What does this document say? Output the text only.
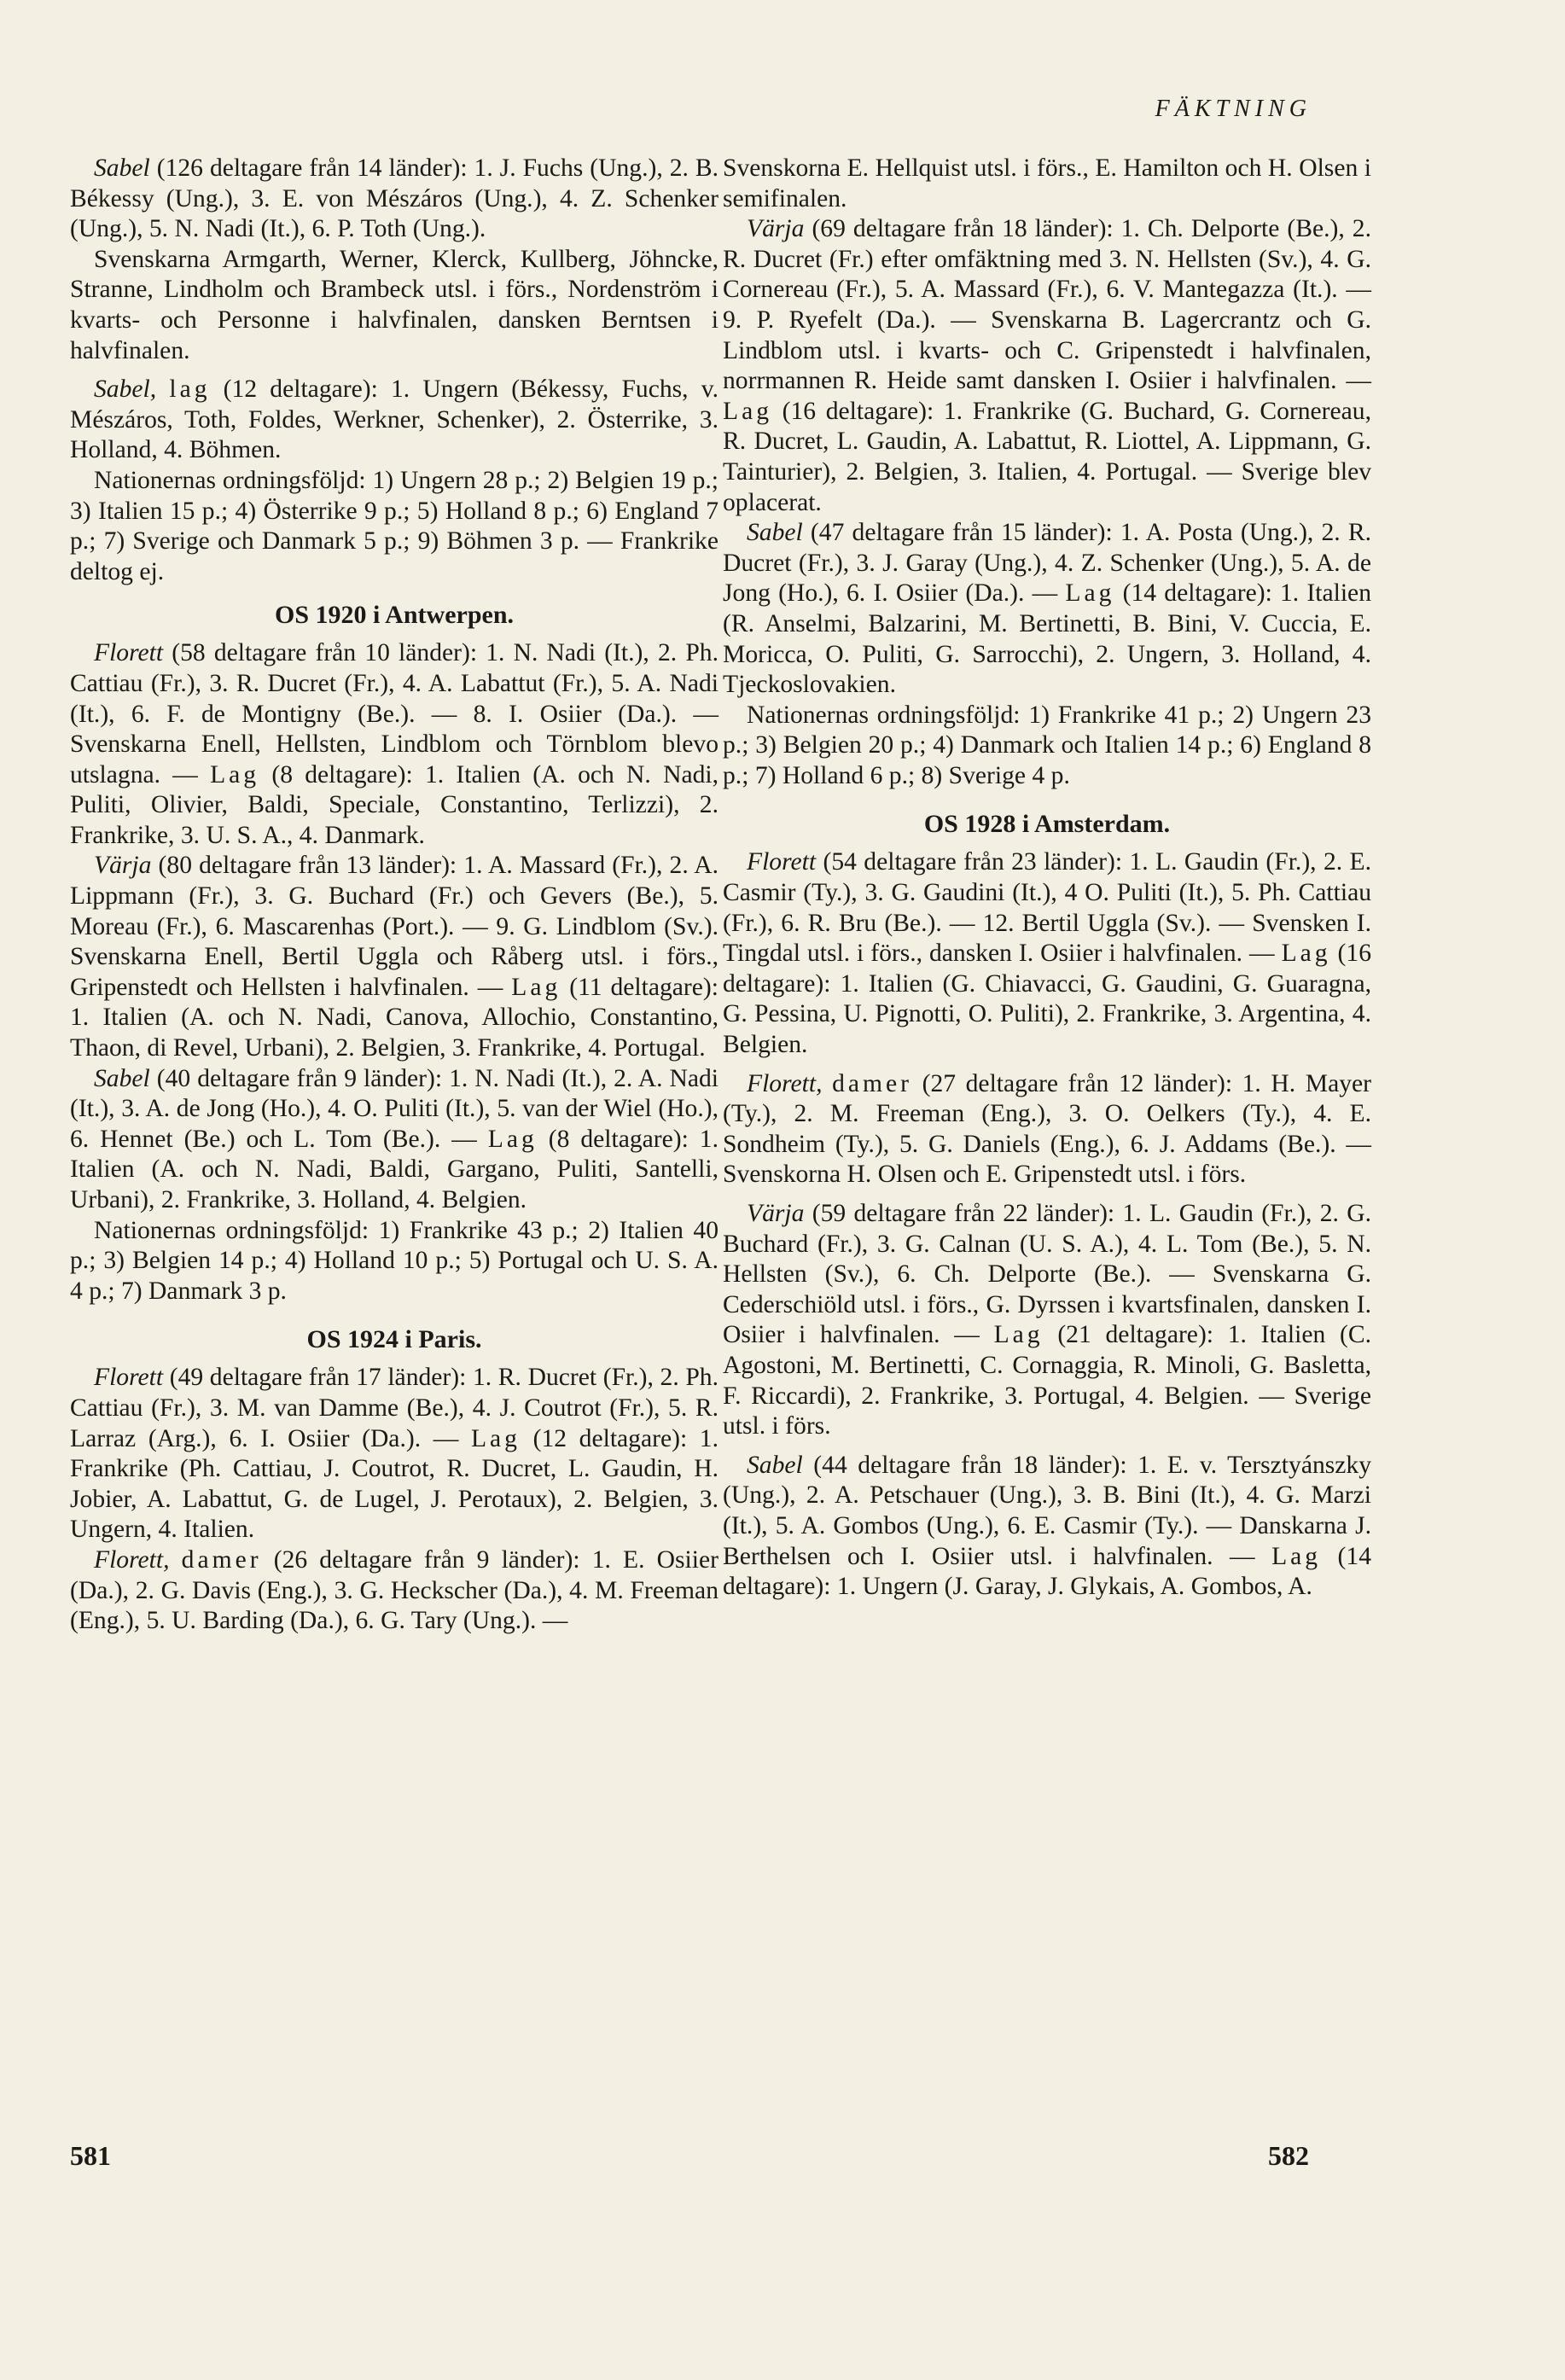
FÄKTNING

Sabel (126 deltagare från 14 länder): 1. J. Fuchs (Ung.), 2. B. Békessy (Ung.), 3. E. von Mészáros (Ung.), 4. Z. Schenker (Ung.), 5. N. Nadi (It.), 6. P. Toth (Ung.).

Svenskarna Armgarth, Werner, Klerck, Kullberg, Jöhncke, Stranne, Lindholm och Brambeck utsl. i förs., Nordenström i kvarts- och Personne i halvfinalen, dansken Berntsen i halvfinalen.

Sabel, lag (12 deltagare): 1. Ungern (Békessy, Fuchs, v. Mészáros, Toth, Foldes, Werkner, Schenker), 2. Österrike, 3. Holland, 4. Böhmen.

Nationernas ordningsföljd: 1) Ungern 28 p.; 2) Belgien 19 p.; 3) Italien 15 p.; 4) Österrike 9 p.; 5) Holland 8 p.; 6) England 7 p.; 7) Sverige och Danmark 5 p.; 9) Böhmen 3 p. — Frankrike deltog ej.

OS 1920 i Antwerpen.

Florett (58 deltagare från 10 länder): 1. N. Nadi (It.), 2. Ph. Cattiau (Fr.), 3. R. Ducret (Fr.), 4. A. Labattut (Fr.), 5. A. Nadi (It.), 6. F. de Montigny (Be.). — 8. I. Osiier (Da.). — Svenskarna Enell, Hellsten, Lindblom och Törnblom blevo utslagna. — Lag (8 deltagare): 1. Italien (A. och N. Nadi, Puliti, Olivier, Baldi, Speciale, Constantino, Terlizzi), 2. Frankrike, 3. U. S. A., 4. Danmark.

Värja (80 deltagare från 13 länder): 1. A. Massard (Fr.), 2. A. Lippmann (Fr.), 3. G. Buchard (Fr.) och Gevers (Be.), 5. Moreau (Fr.), 6. Mascarenhas (Port.). — 9. G. Lindblom (Sv.). Svenskarna Enell, Bertil Uggla och Råberg utsl. i förs., Gripenstedt och Hellsten i halvfinalen. — Lag (11 deltagare): 1. Italien (A. och N. Nadi, Canova, Allochio, Constantino, Thaon, di Revel, Urbani), 2. Belgien, 3. Frankrike, 4. Portugal.

Sabel (40 deltagare från 9 länder): 1. N. Nadi (It.), 2. A. Nadi (It.), 3. A. de Jong (Ho.), 4. O. Puliti (It.), 5. van der Wiel (Ho.), 6. Hennet (Be.) och L. Tom (Be.). — Lag (8 deltagare): 1. Italien (A. och N. Nadi, Baldi, Gargano, Puliti, Santelli, Urbani), 2. Frankrike, 3. Holland, 4. Belgien.

Nationernas ordningsföljd: 1) Frankrike 43 p.; 2) Italien 40 p.; 3) Belgien 14 p.; 4) Holland 10 p.; 5) Portugal och U. S. A. 4 p.; 7) Danmark 3 p.

OS 1924 i Paris.

Florett (49 deltagare från 17 länder): 1. R. Ducret (Fr.), 2. Ph. Cattiau (Fr.), 3. M. van Damme (Be.), 4. J. Coutrot (Fr.), 5. R. Larraz (Arg.), 6. I. Osiier (Da.). — Lag (12 deltagare): 1. Frankrike (Ph. Cattiau, J. Coutrot, R. Ducret, L. Gaudin, H. Jobier, A. Labattut, G. de Lugel, J. Perotaux), 2. Belgien, 3. Ungern, 4. Italien.

Florett, damer (26 deltagare från 9 länder): 1. E. Osiier (Da.), 2. G. Davis (Eng.), 3. G. Heckscher (Da.), 4. M. Freeman (Eng.), 5. U. Barding (Da.), 6. G. Tary (Ung.). —

Svenskorna E. Hellquist utsl. i förs., E. Hamilton och H. Olsen i semifinalen.

Värja (69 deltagare från 18 länder): 1. Ch. Delporte (Be.), 2. R. Ducret (Fr.) efter omfäktning med 3. N. Hellsten (Sv.), 4. G. Cornereau (Fr.), 5. A. Massard (Fr.), 6. V. Mantegazza (It.). — 9. P. Ryefelt (Da.). — Svenskarna B. Lagercrantz och G. Lindblom utsl. i kvarts- och C. Gripenstedt i halvfinalen, norrmannen R. Heide samt dansken I. Osiier i halvfinalen. — Lag (16 deltagare): 1. Frankrike (G. Buchard, G. Cornereau, R. Ducret, L. Gaudin, A. Labattut, R. Liottel, A. Lippmann, G. Tainturier), 2. Belgien, 3. Italien, 4. Portugal. — Sverige blev oplacerat.

Sabel (47 deltagare från 15 länder): 1. A. Posta (Ung.), 2. R. Ducret (Fr.), 3. J. Garay (Ung.), 4. Z. Schenker (Ung.), 5. A. de Jong (Ho.), 6. I. Osiier (Da.). — Lag (14 deltagare): 1. Italien (R. Anselmi, Balzarini, M. Bertinetti, B. Bini, V. Cuccia, E. Moricca, O. Puliti, G. Sarrocchi), 2. Ungern, 3. Holland, 4. Tjeckoslovakien.

Nationernas ordningsföljd: 1) Frankrike 41 p.; 2) Ungern 23 p.; 3) Belgien 20 p.; 4) Danmark och Italien 14 p.; 6) England 8 p.; 7) Holland 6 p.; 8) Sverige 4 p.

OS 1928 i Amsterdam.

Florett (54 deltagare från 23 länder): 1. L. Gaudin (Fr.), 2. E. Casmir (Ty.), 3. G. Gaudini (It.), 4 O. Puliti (It.), 5. Ph. Cattiau (Fr.), 6. R. Bru (Be.). — 12. Bertil Uggla (Sv.). — Svensken I. Tingdal utsl. i förs., dansken I. Osiier i halvfinalen. — Lag (16 deltagare): 1. Italien (G. Chiavacci, G. Gaudini, G. Guaragna, G. Pessina, U. Pignotti, O. Puliti), 2. Frankrike, 3. Argentina, 4. Belgien.

Florett, damer (27 deltagare från 12 länder): 1. H. Mayer (Ty.), 2. M. Freeman (Eng.), 3. O. Oelkers (Ty.), 4. E. Sondheim (Ty.), 5. G. Daniels (Eng.), 6. J. Addams (Be.). — Svenskorna H. Olsen och E. Gripenstedt utsl. i förs.

Värja (59 deltagare från 22 länder): 1. L. Gaudin (Fr.), 2. G. Buchard (Fr.), 3. G. Calnan (U. S. A.), 4. L. Tom (Be.), 5. N. Hellsten (Sv.), 6. Ch. Delporte (Be.). — Svenskarna G. Cederschiöld utsl. i förs., G. Dyrssen i kvartsfinalen, dansken I. Osiier i halvfinalen. — Lag (21 deltagare): 1. Italien (C. Agostoni, M. Bertinetti, C. Cornaggia, R. Minoli, G. Basletta, F. Riccardi), 2. Frankrike, 3. Portugal, 4. Belgien. — Sverige utsl. i förs.

Sabel (44 deltagare från 18 länder): 1. E. v. Tersztyánszky (Ung.), 2. A. Petschauer (Ung.), 3. B. Bini (It.), 4. G. Marzi (It.), 5. A. Gombos (Ung.), 6. E. Casmir (Ty.). — Danskarna J. Berthelsen och I. Osiier utsl. i halvfinalen. — Lag (14 deltagare): 1. Ungern (J. Garay, J. Glykais, A. Gombos, A.

581	582
